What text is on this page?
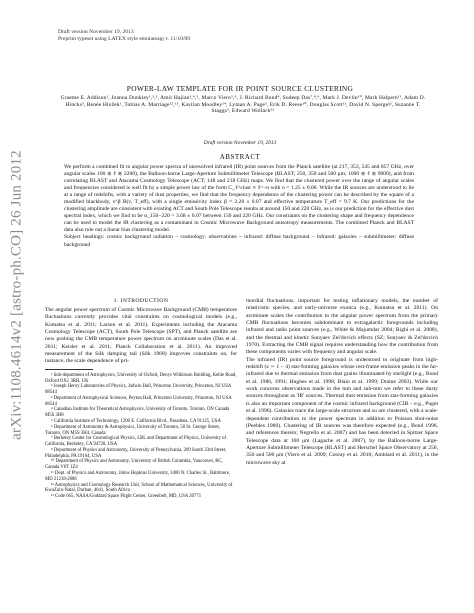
Draft version November 19, 2013
Preprint typeset using LATEX style emulateapj v. 11/10/09
arXiv:1108.4614v2 [astro-ph.CO] 26 Jun 2012
POWER-LAW TEMPLATE FOR IR POINT SOURCE CLUSTERING
Graeme E. Addison¹, Joanna Dunkley¹,²,³, Amir Hajian³,⁴,⁵, Marco Viero⁵,⁶, J. Richard Bond⁴, Sudeep Das⁷,⁸,⁹, Mark J. Devlin¹⁰, Mark Halpern¹¹, Adam D. Hincks³, Renée Hložek¹, Tobias A. Marriage¹²,¹³, Kavilan Moodley¹⁴, Lyman A. Page³, Erik D. Reese¹⁰, Douglas Scott¹¹, David N. Spergel², Suzanne T. Staggs³, Edward Wollack¹⁵
Draft version November 19, 2013
ABSTRACT

We perform a combined fit to angular power spectra of unresolved infrared (IR) point sources from the Planck satellite (at 217, 353, 545 and 857 GHz, over angular scales 100 ≲ ℓ ≲ 2200), the Balloon-borne Large-Aperture Submillimeter Telescope (BLAST; 250, 350 and 500 μm; 1000 ≲ ℓ ≲ 9000), and from correlating BLAST and Atacama Cosmology Telescope (ACT; 148 and 218 GHz) maps. We find that the clustered power over the range of angular scales and frequencies considered is well fit by a simple power law of the form C_ℓ^clust ∝ ℓ^−n with n = 1.25 ± 0.06. While the IR sources are understood to lie at a range of redshifts, with a variety of dust properties, we find that the frequency dependence of the clustering power can be described by the square of a modified blackbody, ν^β B(ν, T_eff), with a single emissivity index β = 2.20 ± 0.07 and effective temperature T_eff = 9.7 K. Our predictions for the clustering amplitude are consistent with existing ACT and South Pole Telescope results at around 150 and 220 GHz, as is our prediction for the effective dust spectral index, which we find to be α_150−220 = 3.68 ± 0.07 between 150 and 220 GHz. Our constraints on the clustering shape and frequency dependence can be used to model the IR clustering as a contaminant in Cosmic Microwave Background anisotropy measurements. The combined Planck and BLAST data also rule out a linear bias clustering model.

Subject headings: cosmic background radiation – cosmology: observations – infrared: diffuse background – infrared: galaxies – submillimeter: diffuse background

1. INTRODUCTION

The angular power spectrum of Cosmic Microwave Background (CMB) temperature fluctuations currently provides vital constraints on cosmological models (e.g., Komatsu et al. 2011; Larson et al. 2011). Experiments including the Atacama Cosmology Telescope (ACT), South Pole Telescope (SPT), and Planck satellite are now probing the CMB temperature power spectrum on arcminute scales (Das et al. 2011; Keisler et al. 2011; Planck Collaboration et al. 2011). An improved measurement of the Silk damping tail (Silk 1968) improves constraints on, for instance, the scale dependence of pri-

¹ Sub-department of Astrophysics, University of Oxford, Denys Wilkinson Building, Keble Road, Oxford OX1 3RH, UK

² Joseph Henry Laboratories of Physics, Jadwin Hall, Princeton University, Princeton, NJ USA 08544

³ Department of Astrophysical Sciences, Peyton Hall, Princeton University, Princeton, NJ USA 08544

⁴ Canadian Institute for Theoretical Astrophysics, University of Toronto, Toronto, ON Canada M5S 3H8

⁵ California Institute of Technology, 1200 E. California Blvd., Pasadena, CA 91125, USA

⁶ Department of Astronomy & Astrophysics, University of Toronto, 50 St. George Street, Toronto, ON M5S 3H4, Canada

⁷ Berkeley Center for Cosmological Physics, LBL and Department of Physics, University of California, Berkeley, CA 94720, USA

⁸ Department of Physics and Astronomy, University of Pennsylvania, 209 South 33rd Street, Philadelphia, PA 19104, USA

¹⁰ Department of Physics and Astronomy, University of British Columbia, Vancouver, BC, Canada V6T 1Z4

¹¹ Dept. of Physics and Astronomy, Johns Hopkins University, 3400 N. Charles St., Baltimore, MD 21218-2686

¹² Astrophysics and Cosmology Research Unit, School of Mathematical Sciences, University of KwaZulu-Natal, Durban, 4041, South Africa

¹³ Code 665, NASA/Goddard Space Flight Center, Greenbelt, MD, USA 20771

mordial fluctuations, important for testing inflationary models, the number of relativistic species, and early-universe exotica (e.g., Komatsu et al. 2011). On arcminute scales the contribution to the angular power spectrum from the primary CMB fluctuations becomes subdominant to extragalactic foregrounds including infrared and radio point sources (e.g., White & Majumdar 2004; Righi et al. 2008), and the thermal and kinetic Sunyaev Zel'dovich effects (SZ; Sunyaev & Zel'dovich 1970). Extracting the CMB signal requires understanding how the contribution from these components varies with frequency and angular scale.
The infrared (IR) point source foreground is understood to originate from high-redshift (z ∼ 1 − 4) star-forming galaxies whose rest-frame emission peaks in the far-infrared due to thermal emission from dust grains illuminated by starlight (e.g., Bond et al. 1986, 1991; Hughes et al. 1998; Blain et al. 1999; Draine 2003). While our work concerns observations made in the mm and sub-mm we refer to these dusty sources throughout as 'IR' sources. Thermal dust emission from star-forming galaxies is also an important component of the cosmic infrared background (CIB – e.g., Puget et al. 1996). Galaxies trace the large-scale structure and so are clustered, with a scale-dependent contribution to the power spectrum in addition to Poisson shot-noise (Peebles 1980). Clustering of IR sources was therefore expected (e.g., Bond 1996, and references therein; Negrello et al. 2007) and has been detected in Spitzer Space Telescope data at 160 μm (Lagache et al. 2007), by the Balloon-borne Large-Aperture Submillimeter Telescope (BLAST) and Herschel Space Observatory at 250, 350 and 500 μm (Viero et al. 2009; Cooray et al. 2010; Amblard et al. 2011), in the microwave sky at
